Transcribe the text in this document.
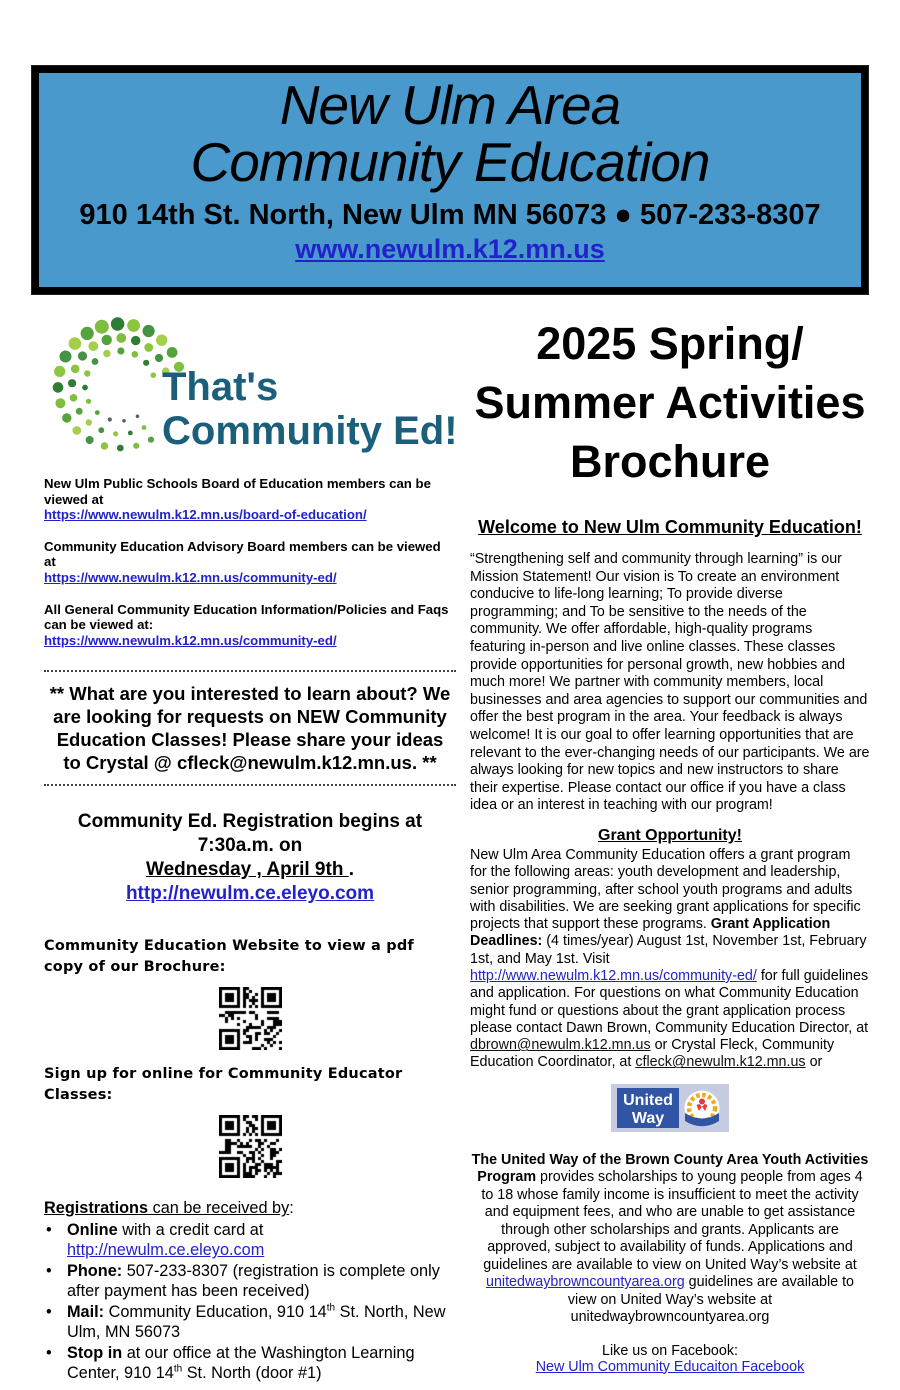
New Ulm Area
Community Education
910 14th St. North, New Ulm MN 56073 ● 507-233-8307
www.newulm.k12.mn.us
That's
Community Ed!
New Ulm Public Schools Board of Education members can be viewed at
https://www.newulm.k12.mn.us/board-of-education/
Community Education Advisory Board members can be viewed at
https://www.newulm.k12.mn.us/community-ed/
All General Community Education Information/Policies and Faqs can be viewed at:
https://www.newulm.k12.mn.us/community-ed/
** What are you interested to learn about? We are looking for requests on NEW Community Education Classes! Please share your ideas to Crystal @ cfleck@newulm.k12.mn.us. **
Community Ed. Registration begins at 7:30a.m. on
Wednesday , April 9th . http://newulm.ce.eleyo.com
Community Education Website to view a pdf copy of our Brochure:
Sign up for online for Community Educator Classes:
Registrations can be received by:
• Online with a credit card at http://newulm.ce.eleyo.com
• Phone: 507-233-8307 (registration is complete only after payment has been received)
• Mail: Community Education, 910 14th St. North, New Ulm, MN 56073
• Stop in at our office at the Washington Learning Center, 910 14th St. North (door #1)
2025 Spring/
Summer Activities
Brochure
Welcome to New Ulm Community Education!
“Strengthening self and community through learning” is our Mission Statement! Our vision is To create an environment conducive to life-long learning; To provide diverse programming; and To be sensitive to the needs of the community. We offer affordable, high-quality programs featuring in-person and live online classes. These classes provide opportunities for personal growth, new hobbies and much more! We partner with community members, local businesses and area agencies to support our communities and offer the best program in the area. Your feedback is always welcome! It is our goal to offer learning opportunities that are relevant to the ever-changing needs of our participants. We are always looking for new topics and new instructors to share their expertise. Please contact our office if you have a class idea or an interest in teaching with our program!
Grant Opportunity!
New Ulm Area Community Education offers a grant program for the following areas: youth development and leadership, senior programming, after school youth programs and adults with disabilities. We are seeking grant applications for specific projects that support these programs. Grant Application Deadlines: (4 times/year) August 1st, November 1st, February 1st, and May 1st. Visit http://www.newulm.k12.mn.us/community-ed/ for full guidelines and application. For questions on what Community Education might fund or questions about the grant application process please contact Dawn Brown, Community Education Director, at dbrown@newulm.k12.mn.us or Crystal Fleck, Community Education Coordinator, at cfleck@newulm.k12.mn.us or
United
Way
The United Way of the Brown County Area Youth Activities Program provides scholarships to young people from ages 4 to 18 whose family income is insufficient to meet the activity and equipment fees, and who are unable to get assistance through other scholarships and grants. Applicants are approved, subject to availability of funds. Applications and guidelines are available to view on United Way’s website at unitedwaybrowncountyarea.org guidelines are available to view on United Way’s website at unitedwaybrowncountyarea.org
Like us on Facebook:
New Ulm Community Educaiton Facebook
